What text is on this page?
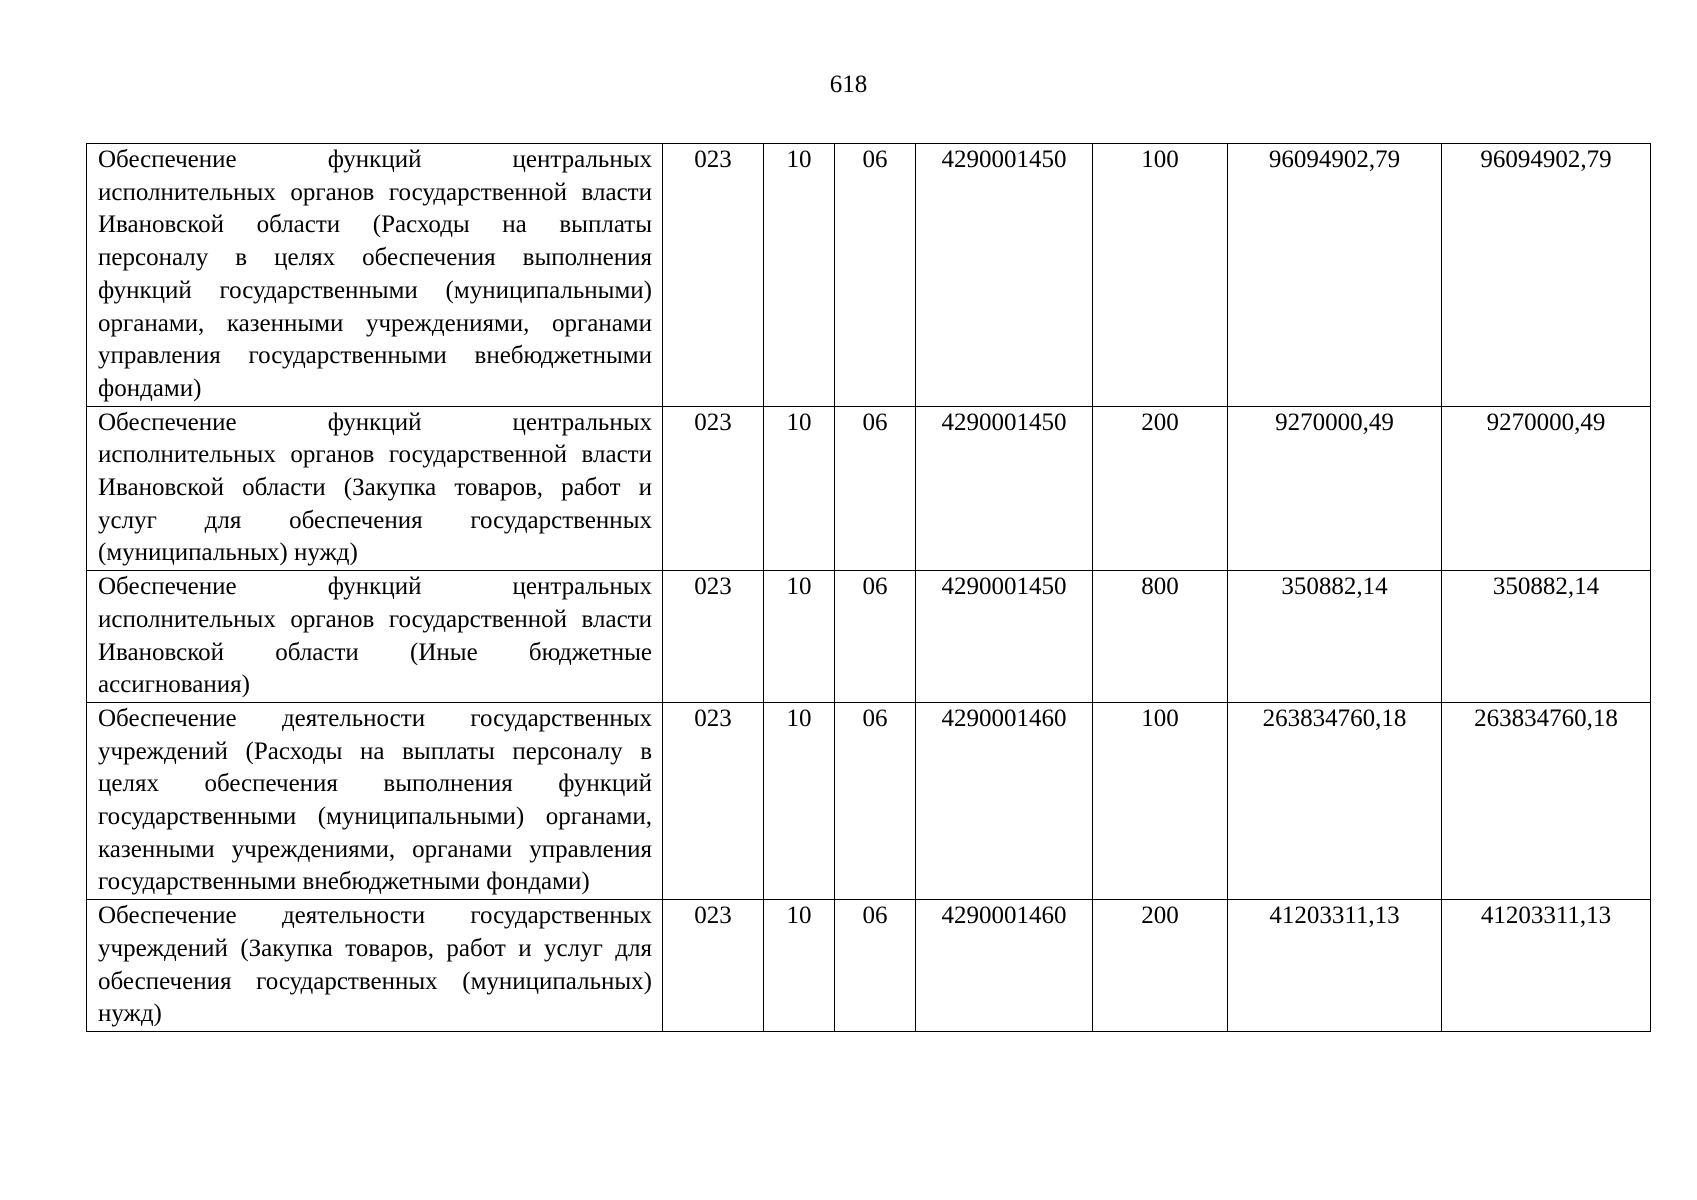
618
Обеспечение функций центральных исполнительных органов государственной власти Ивановской области (Расходы на выплаты персоналу в целях обеспечения выполнения функций государственными (муниципальными) органами, казенными учреждениями, органами управления государственными внебюджетными фондами)	023	10	06	4290001450	100	96094902,79	96094902,79
Обеспечение функций центральных исполнительных органов государственной власти Ивановской области (Закупка товаров, работ и услуг для обеспечения государственных (муниципальных) нужд)	023	10	06	4290001450	200	9270000,49	9270000,49
Обеспечение функций центральных исполнительных органов государственной власти Ивановской области (Иные бюджетные ассигнования)	023	10	06	4290001450	800	350882,14	350882,14
Обеспечение деятельности государственных учреждений (Расходы на выплаты персоналу в целях обеспечения выполнения функций государственными (муниципальными) органами, казенными учреждениями, органами управления государственными внебюджетными фондами)	023	10	06	4290001460	100	263834760,18	263834760,18
Обеспечение деятельности государственных учреждений (Закупка товаров, работ и услуг для обеспечения государственных (муниципальных) нужд)	023	10	06	4290001460	200	41203311,13	41203311,13
